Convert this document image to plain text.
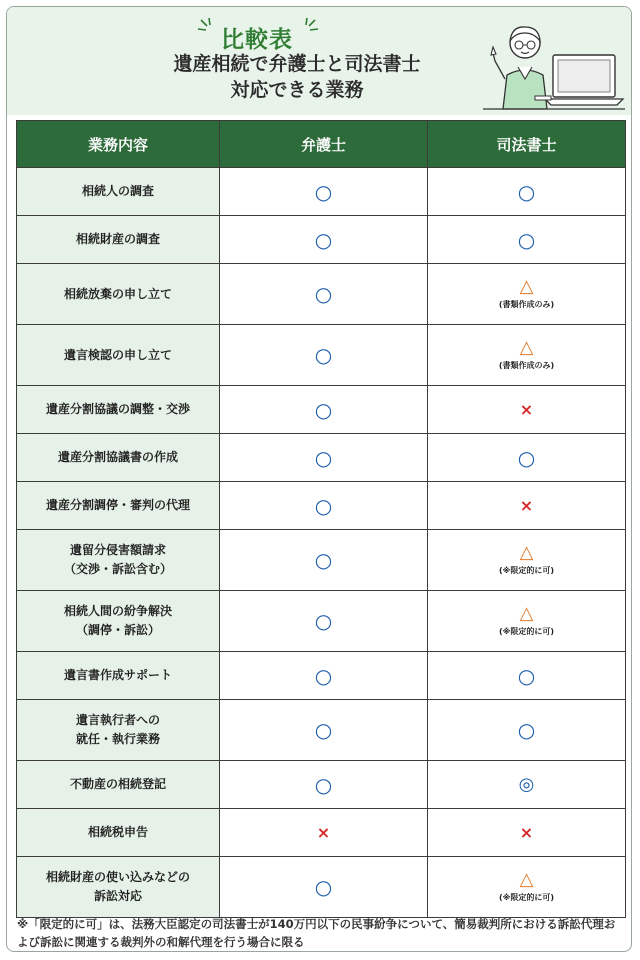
比較表
遺産相続で弁護士と司法書士
対応できる業務
業務内容	弁護士	司法書士
相続人の調査	○	○

相続財産の調査	○	○

相続放棄の申し立て	○	△
(書類作成のみ)

遺言検認の申し立て	○	△
(書類作成のみ)

遺産分割協議の調整・交渉	○	×

遺産分割協議書の作成	○	○

遺産分割調停・審判の代理	○	×

遺留分侵害額請求
（交渉・訴訟含む）	○	△
(※限定的に可)

相続人間の紛争解決
（調停・訴訟）	○	△
(※限定的に可)

遺言書作成サポート	○	○

遺言執行者への
就任・執行業務	○	○

不動産の相続登記	○	◎

相続税申告	×	×

相続財産の使い込みなどの
訴訟対応	○	△
(※限定的に可)
※「限定的に可」は、法務大臣認定の司法書士が140万円以下の民事紛争について、簡易裁判所における訴訟代理および訴訟に関連する裁判外の和解代理を行う場合に限る
